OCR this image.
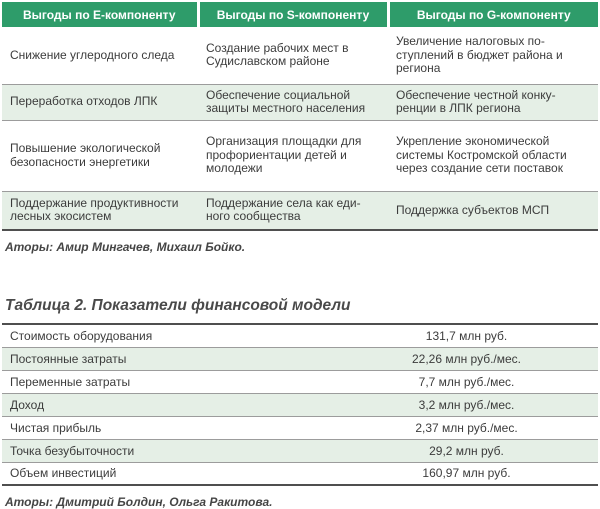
Выгоды по E-компоненту	Выгоды по S-компоненту	Выгоды по G-компоненту
Снижение углеродного следа	Создание рабочих мест в Судиславском районе	Увеличение налоговых поступлений в бюджет района и региона
Переработка отходов ЛПК	Обеспечение социальной защиты местного населения	Обеспечение честной конкуренции в ЛПК региона
Повышение экологической безопасности энергетики	Организация площадки для профориентации детей и молодежи	Укрепление экономической системы Костромской области через создание сети поставок
Поддержание продуктивности лесных экосистем	Поддержание села как единого сообщества	Поддержка субъектов МСП
Аторы: Амир Мингачев, Михаил Бойко.
Таблица 2. Показатели финансовой модели
Стоимость оборудования	131,7 млн руб.
Постоянные затраты	22,26 млн руб./мес.
Переменные затраты	7,7 млн руб./мес.
Доход	3,2 млн руб./мес.
Чистая прибыль	2,37 млн руб./мес.
Точка безубыточности	29,2 млн руб.
Объем инвестиций	160,97 млн руб.
Аторы: Дмитрий Болдин, Ольга Ракитова.
